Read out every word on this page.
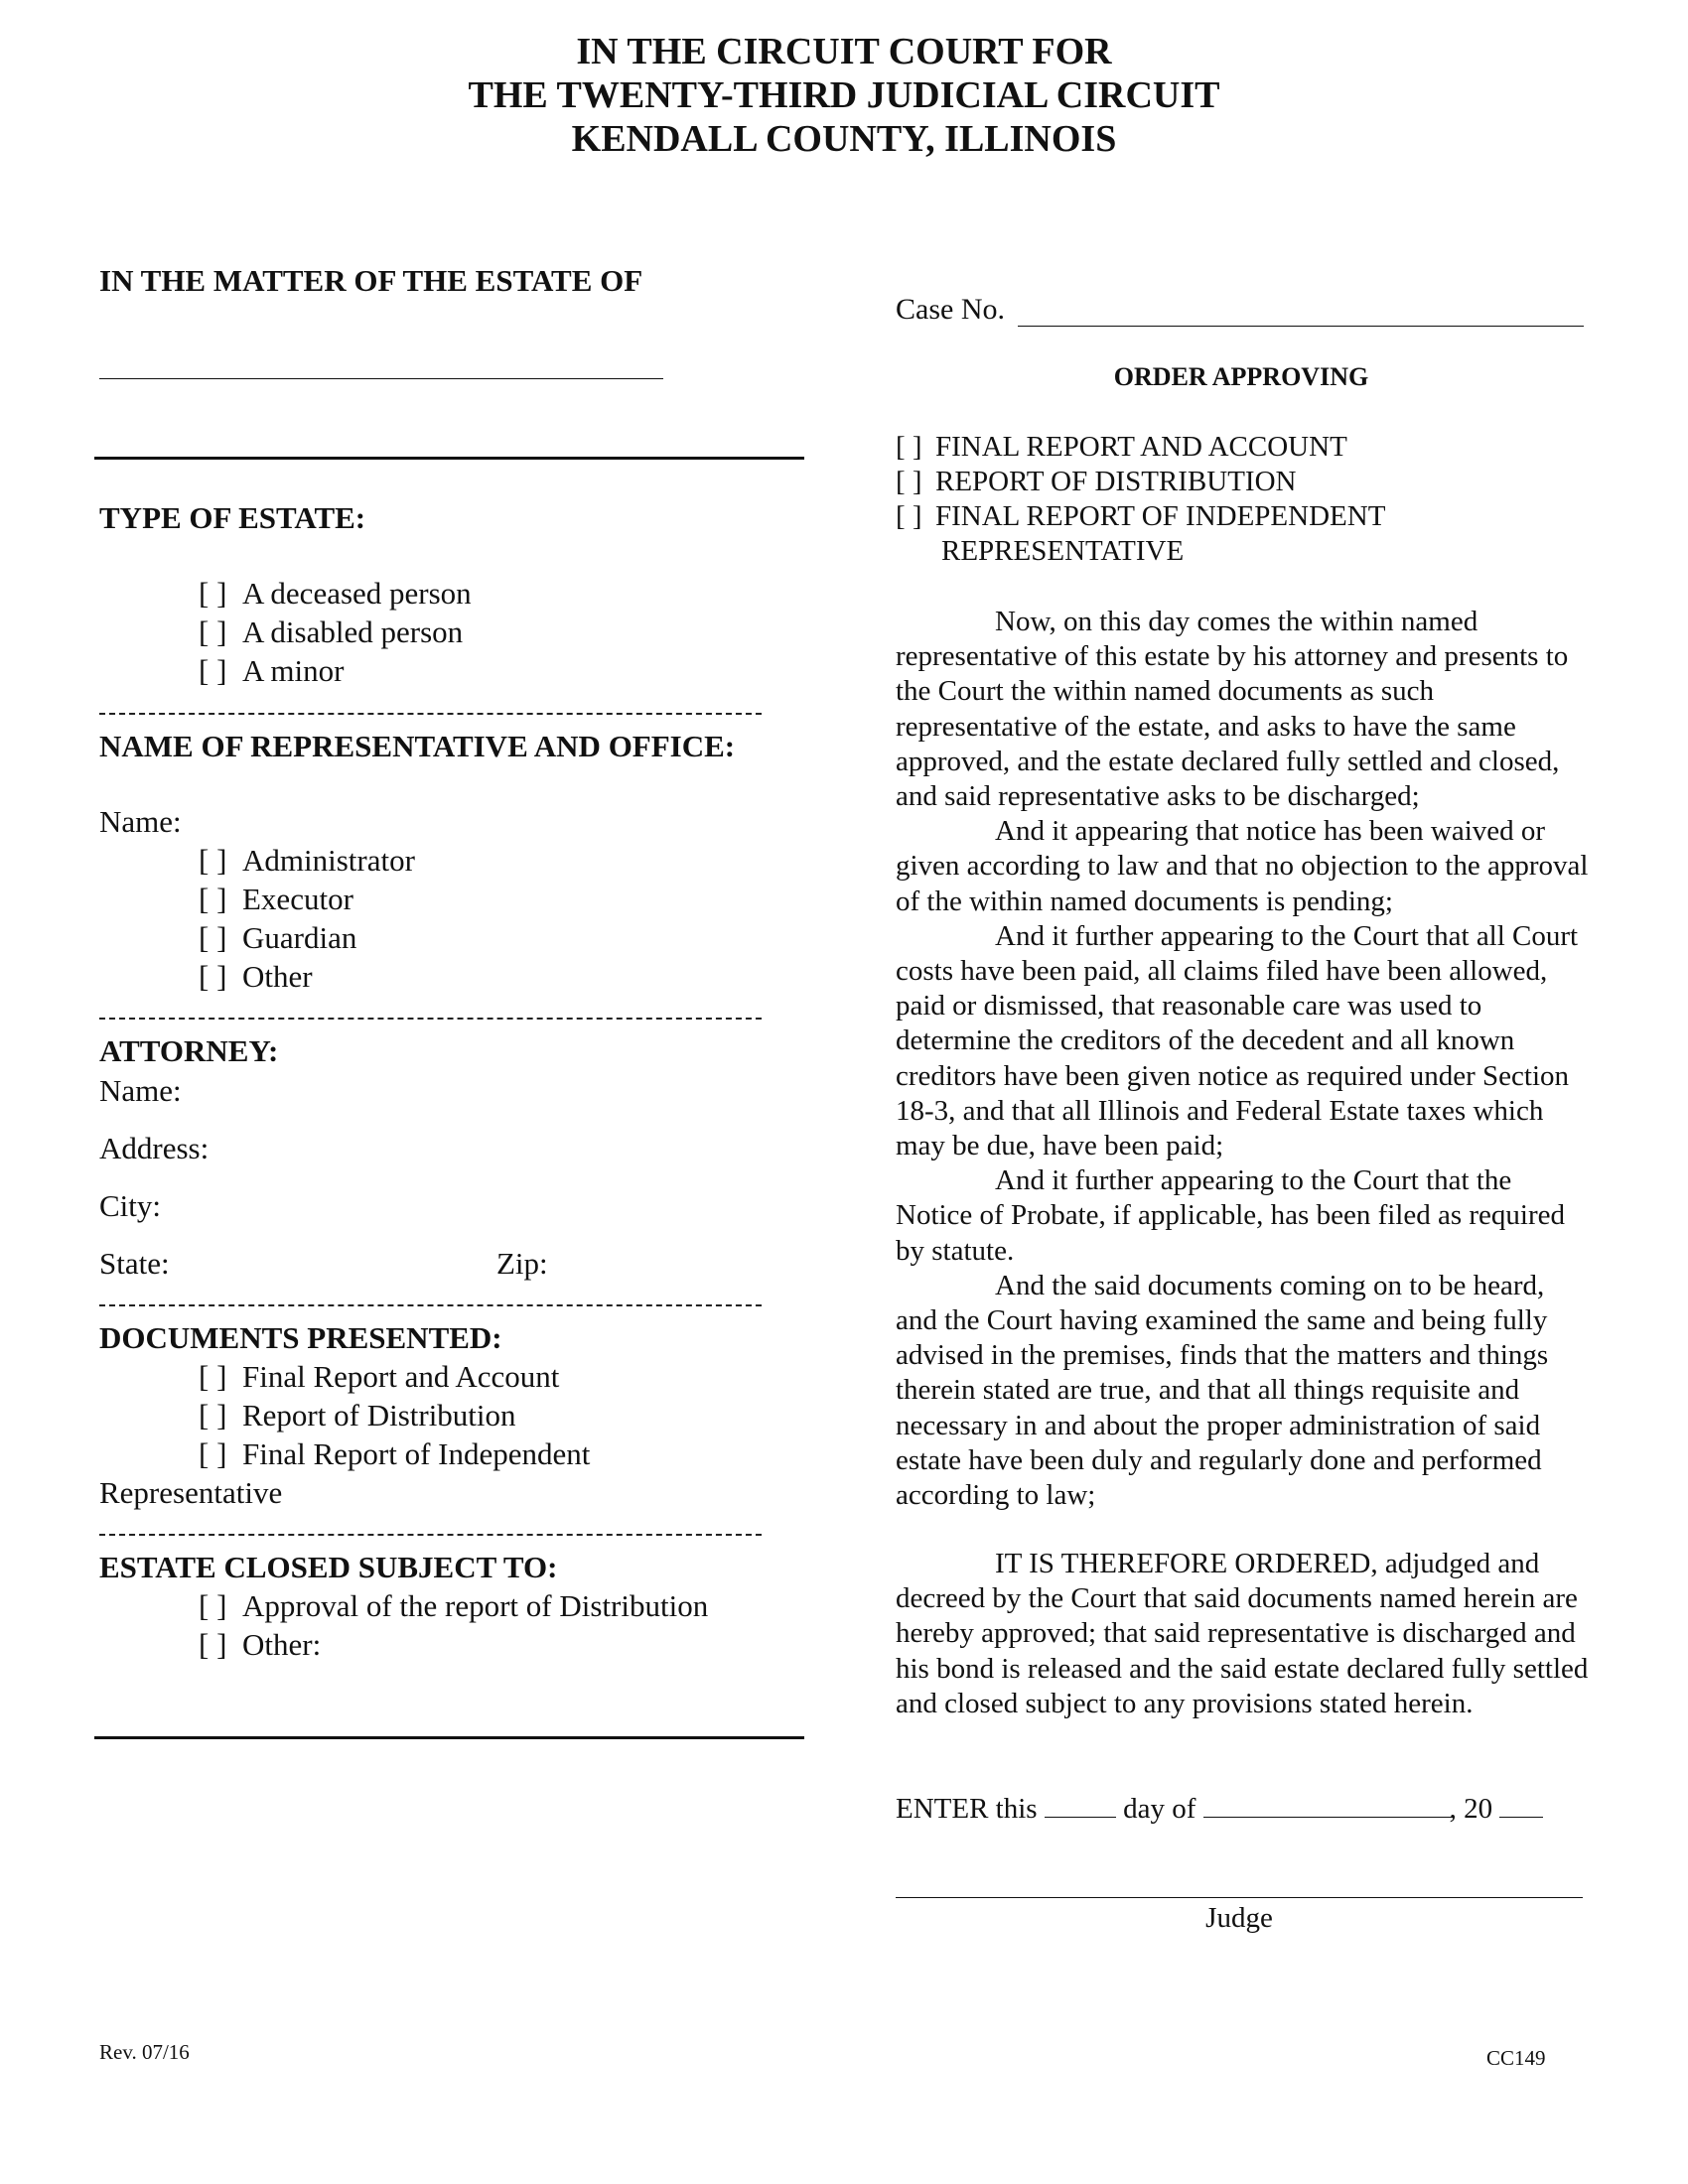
IN THE CIRCUIT COURT FOR
THE TWENTY-THIRD JUDICIAL CIRCUIT
KENDALL COUNTY, ILLINOIS
IN THE MATTER OF THE ESTATE OF
TYPE OF ESTATE:
[ ] A deceased person
[ ] A disabled person
[ ] A minor
NAME OF REPRESENTATIVE AND OFFICE:
Name:
[ ] Administrator
[ ] Executor
[ ] Guardian
[ ] Other
ATTORNEY:
Name:
Address:
City:
State:	Zip:
DOCUMENTS PRESENTED:
[ ] Final Report and Account
[ ] Report of Distribution
[ ] Final Report of Independent
Representative
ESTATE CLOSED SUBJECT TO:
[ ] Approval of the report of Distribution
[ ] Other:
Case No.
ORDER APPROVING
[ ] FINAL REPORT AND ACCOUNT
[ ] REPORT OF DISTRIBUTION
[ ] FINAL REPORT OF INDEPENDENT
REPRESENTATIVE

Now, on this day comes the within named representative of this estate by his attorney and presents to the Court the within named documents as such representative of the estate, and asks to have the same approved, and the estate declared fully settled and closed, and said representative asks to be discharged;

And it appearing that notice has been waived or given according to law and that no objection to the approval of the within named documents is pending;

And it further appearing to the Court that all Court costs have been paid, all claims filed have been allowed, paid or dismissed, that reasonable care was used to determine the creditors of the decedent and all known creditors have been given notice as required under Section 18-3, and that all Illinois and Federal Estate taxes which may be due, have been paid;

And it further appearing to the Court that the Notice of Probate, if applicable, has been filed as required by statute.

And the said documents coming on to be heard, and the Court having examined the same and being fully advised in the premises, finds that the matters and things therein stated are true, and that all things requisite and necessary in and about the proper administration of said estate have been duly and regularly done and performed according to law;

IT IS THEREFORE ORDERED, adjudged and decreed by the Court that said documents named herein are hereby approved; that said representative is discharged and his bond is released and the said estate declared fully settled and closed subject to any provisions stated herein.

ENTER this	day of	, 20
Judge
Rev. 07/16	CC149
